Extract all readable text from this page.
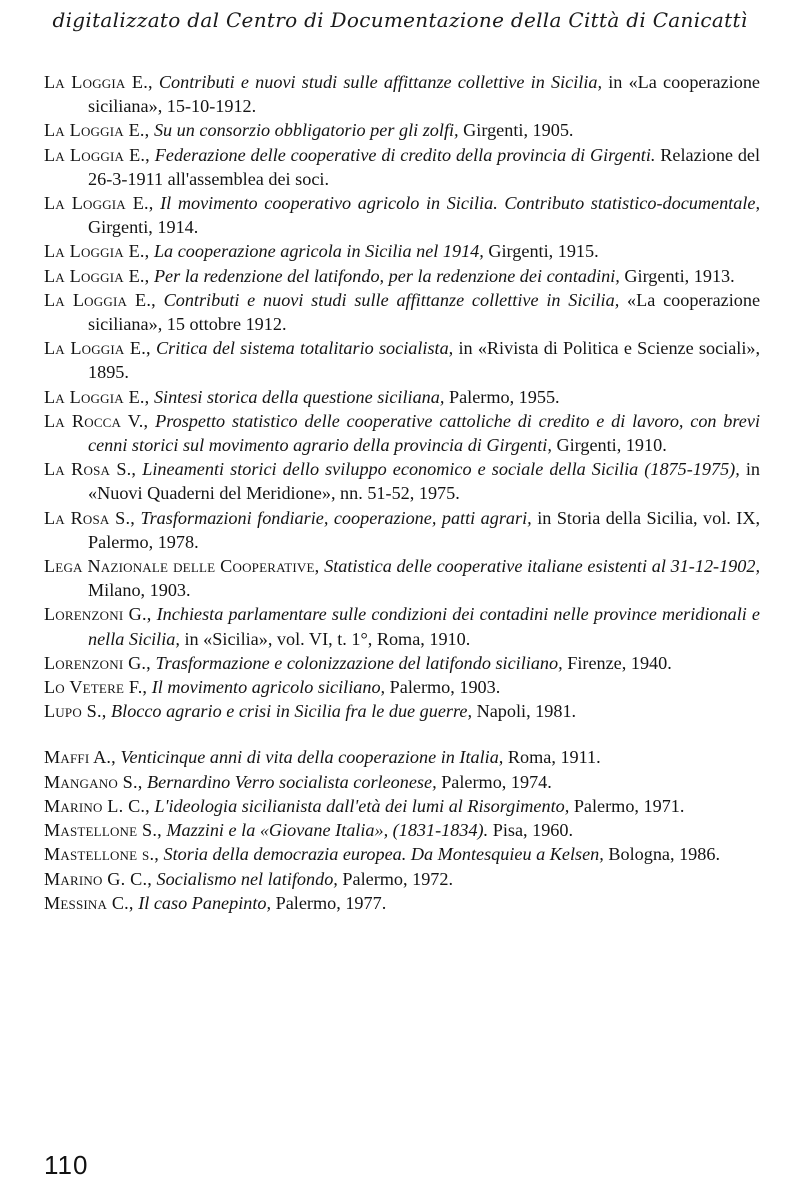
digitalizzato dal Centro di Documentazione della Città di Canicattì

La Loggia E., Contributi e nuovi studi sulle affittanze collettive in Sicilia, in «La cooperazione siciliana», 15-10-1912.

La Loggia E., Su un consorzio obbligatorio per gli zolfi, Girgenti, 1905.

La Loggia E., Federazione delle cooperative di credito della provincia di Girgenti. Relazione del 26-3-1911 all'assemblea dei soci.

La Loggia E., Il movimento cooperativo agricolo in Sicilia. Contributo statistico-documentale, Girgenti, 1914.

La Loggia E., La cooperazione agricola in Sicilia nel 1914, Girgenti, 1915.

La Loggia E., Per la redenzione del latifondo, per la redenzione dei contadini, Girgenti, 1913.

La Loggia E., Contributi e nuovi studi sulle affittanze collettive in Sicilia, «La cooperazione siciliana», 15 ottobre 1912.

La Loggia E., Critica del sistema totalitario socialista, in «Rivista di Politica e Scienze sociali», 1895.

La Loggia E., Sintesi storica della questione siciliana, Palermo, 1955.

La Rocca V., Prospetto statistico delle cooperative cattoliche di credito e di lavoro, con brevi cenni storici sul movimento agrario della provincia di Girgenti, Girgenti, 1910.

La Rosa S., Lineamenti storici dello sviluppo economico e sociale della Sicilia (1875-1975), in «Nuovi Quaderni del Meridione», nn. 51-52, 1975.

La Rosa S., Trasformazioni fondiarie, cooperazione, patti agrari, in Storia della Sicilia, vol. IX, Palermo, 1978.

Lega Nazionale delle Cooperative, Statistica delle cooperative italiane esistenti al 31-12-1902, Milano, 1903.

Lorenzoni G., Inchiesta parlamentare sulle condizioni dei contadini nelle province meridionali e nella Sicilia, in «Sicilia», vol. VI, t. 1°, Roma, 1910.

Lorenzoni G., Trasformazione e colonizzazione del latifondo siciliano, Firenze, 1940.

Lo Vetere F., Il movimento agricolo siciliano, Palermo, 1903.

Lupo S., Blocco agrario e crisi in Sicilia fra le due guerre, Napoli, 1981.

Maffi A., Venticinque anni di vita della cooperazione in Italia, Roma, 1911.

Mangano S., Bernardino Verro socialista corleonese, Palermo, 1974.

Marino L. C., L'ideologia sicilianista dall'età dei lumi al Risorgimento, Palermo, 1971.

Mastellone S., Mazzini e la «Giovane Italia», (1831-1834). Pisa, 1960.

Mastellone s., Storia della democrazia europea. Da Montesquieu a Kelsen, Bologna, 1986.

Marino G. C., Socialismo nel latifondo, Palermo, 1972.

Messina C., Il caso Panepinto, Palermo, 1977.

110
